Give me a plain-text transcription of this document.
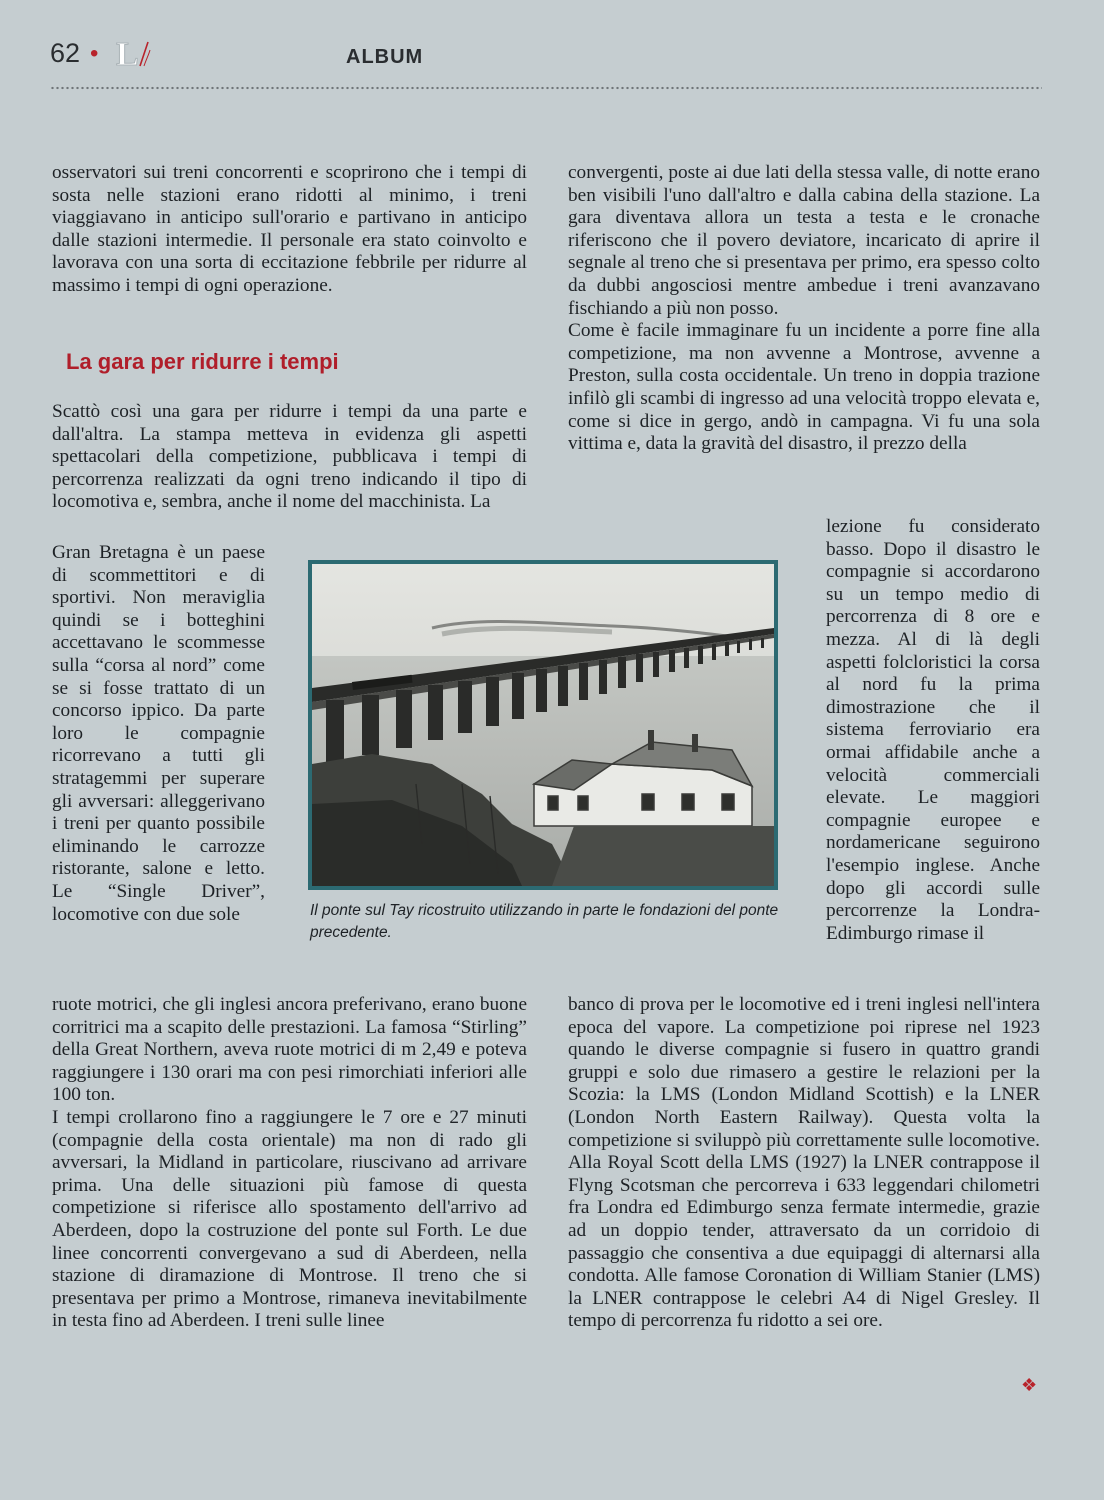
62 • L	ALBUM

osservatori sui treni concorrenti e scoprirono che i tempi di sosta nelle stazioni erano ridotti al minimo, i treni viaggiavano in anticipo sull'orario e partivano in anticipo dalle stazioni intermedie. Il personale era stato coinvolto e lavorava con una sorta di eccitazione febbrile per ridurre al massimo i tempi di ogni operazione.

La gara per ridurre i tempi

Scattò così una gara per ridurre i tempi da una parte e dall'altra. La stampa metteva in evidenza gli aspetti spettacolari della competizione, pubblicava i tempi di percorrenza realizzati da ogni treno indicando il tipo di locomotiva e, sembra, anche il nome del macchinista. La

Gran Bretagna è un paese di scommettitori e di sportivi. Non meraviglia quindi se i botteghini accettavano le scommesse sulla “corsa al nord” come se si fosse trattato di un concorso ippico. Da parte loro le compagnie ricorrevano a tutti gli stratagemmi per superare gli avversari: alleggerivano i treni per quanto possibile eliminando le carrozze ristorante, salone e letto. Le “Single Driver”, locomotive con due sole

ruote motrici, che gli inglesi ancora preferivano, erano buone corritrici ma a scapito delle prestazioni. La famosa “Stirling” della Great Northern, aveva ruote motrici di m 2,49 e poteva raggiungere i 130 orari ma con pesi rimorchiati inferiori alle 100 ton.
I tempi crollarono fino a raggiungere le 7 ore e 27 minuti (compagnie della costa orientale) ma non di rado gli avversari, la Midland in particolare, riuscivano ad arrivare prima. Una delle situazioni più famose di questa competizione si riferisce allo spostamento dell'arrivo ad Aberdeen, dopo la costruzione del ponte sul Forth. Le due linee concorrenti convergevano a sud di Aberdeen, nella stazione di diramazione di Montrose. Il treno che si presentava per primo a Montrose, rimaneva inevitabilmente in testa fino ad Aberdeen. I treni sulle linee

convergenti, poste ai due lati della stessa valle, di notte erano ben visibili l'uno dall'altro e dalla cabina della stazione. La gara diventava allora un testa a testa e le cronache riferiscono che il povero deviatore, incaricato di aprire il segnale al treno che si presentava per primo, era spesso colto da dubbi angosciosi mentre ambedue i treni avanzavano fischiando a più non posso.
Come è facile immaginare fu un incidente a porre fine alla competizione, ma non avvenne a Montrose, avvenne a Preston, sulla costa occidentale. Un treno in doppia trazione infilò gli scambi di ingresso ad una velocità troppo elevata e, come si dice in gergo, andò in campagna. Vi fu una sola vittima e, data la gravità del disastro, il prezzo della

lezione fu considerato basso. Dopo il disastro le compagnie si accordarono su un tempo medio di percorrenza di 8 ore e mezza. Al di là degli aspetti folcloristici la corsa al nord fu la prima dimostrazione che il sistema ferroviario era ormai affidabile anche a velocità commerciali elevate. Le maggiori compagnie europee e nordamericane seguirono l'esempio inglese. Anche dopo gli accordi sulle percorrenze la Londra-Edimburgo rimase il

banco di prova per le locomotive ed i treni inglesi nell'intera epoca del vapore. La competizione poi riprese nel 1923 quando le diverse compagnie si fusero in quattro grandi gruppi e solo due rimasero a gestire le relazioni per la Scozia: la LMS (London Midland Scottish) e la LNER (London North Eastern Railway). Questa volta la competizione si sviluppò più correttamente sulle locomotive. Alla Royal Scott della LMS (1927) la LNER contrappose il Flyng Scotsman che percorreva i 633 leggendari chilometri fra Londra ed Edimburgo senza fermate intermedie, grazie ad un doppio tender, attraversato da un corridoio di passaggio che consentiva a due equipaggi di alternarsi alla condotta. Alle famose Coronation di William Stanier (LMS) la LNER contrappose le celebri A4 di Nigel Gresley. Il tempo di percorrenza fu ridotto a sei ore.

❖

Il ponte sul Tay ricostruito utilizzando in parte le fondazioni del ponte precedente.
